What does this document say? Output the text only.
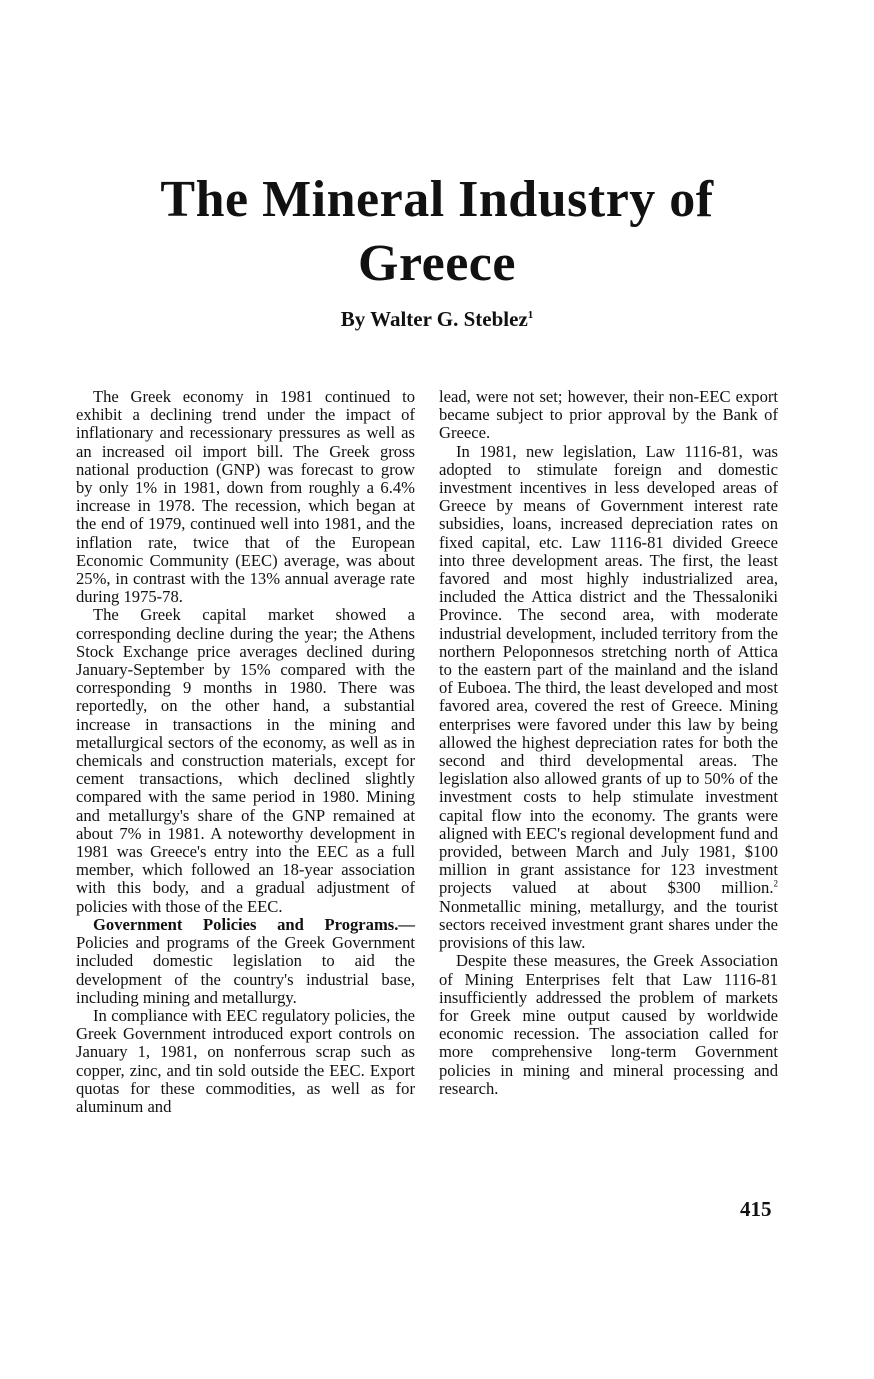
The Mineral Industry of
Greece

By Walter G. Steblez$^1$

The Greek economy in 1981 continued to exhibit a declining trend under the impact of inflationary and recessionary pressures as well as an increased oil import bill. The Greek gross national production (GNP) was forecast to grow by only 1% in 1981, down from roughly a 6.4% increase in 1978. The recession, which began at the end of 1979, continued well into 1981, and the inflation rate, twice that of the European Economic Community (EEC) average, was about 25%, in contrast with the 13% annual average rate during 1975-78.

The Greek capital market showed a corresponding decline during the year; the Athens Stock Exchange price averages declined during January-September by 15% compared with the corresponding 9 months in 1980. There was reportedly, on the other hand, a substantial increase in transactions in the mining and metallurgical sectors of the economy, as well as in chemicals and construction materials, except for cement transactions, which declined slightly compared with the same period in 1980. Mining and metallurgy's share of the GNP remained at about 7% in 1981. A noteworthy development in 1981 was Greece's entry into the EEC as a full member, which followed an 18-year association with this body, and a gradual adjustment of policies with those of the EEC.

Government Policies and Programs.—Policies and programs of the Greek Government included domestic legislation to aid the development of the country's industrial base, including mining and metallurgy.

In compliance with EEC regulatory policies, the Greek Government introduced export controls on January 1, 1981, on nonferrous scrap such as copper, zinc, and tin sold outside the EEC. Export quotas for these commodities, as well as for aluminum and

lead, were not set; however, their non-EEC export became subject to prior approval by the Bank of Greece.

In 1981, new legislation, Law 1116-81, was adopted to stimulate foreign and domestic investment incentives in less developed areas of Greece by means of Government interest rate subsidies, loans, increased depreciation rates on fixed capital, etc. Law 1116-81 divided Greece into three development areas. The first, the least favored and most highly industrialized area, included the Attica district and the Thessaloniki Province. The second area, with moderate industrial development, included territory from the northern Peloponnesos stretching north of Attica to the eastern part of the mainland and the island of Euboea. The third, the least developed and most favored area, covered the rest of Greece. Mining enterprises were favored under this law by being allowed the highest depreciation rates for both the second and third developmental areas. The legislation also allowed grants of up to 50% of the investment costs to help stimulate investment capital flow into the economy. The grants were aligned with EEC's regional development fund and provided, between March and July 1981, $100 million in grant assistance for 123 investment projects valued at about $300 million.$^2$ Nonmetallic mining, metallurgy, and the tourist sectors received investment grant shares under the provisions of this law.

Despite these measures, the Greek Association of Mining Enterprises felt that Law 1116-81 insufficiently addressed the problem of markets for Greek mine output caused by worldwide economic recession. The association called for more comprehensive long-term Government policies in mining and mineral processing and research.

415
